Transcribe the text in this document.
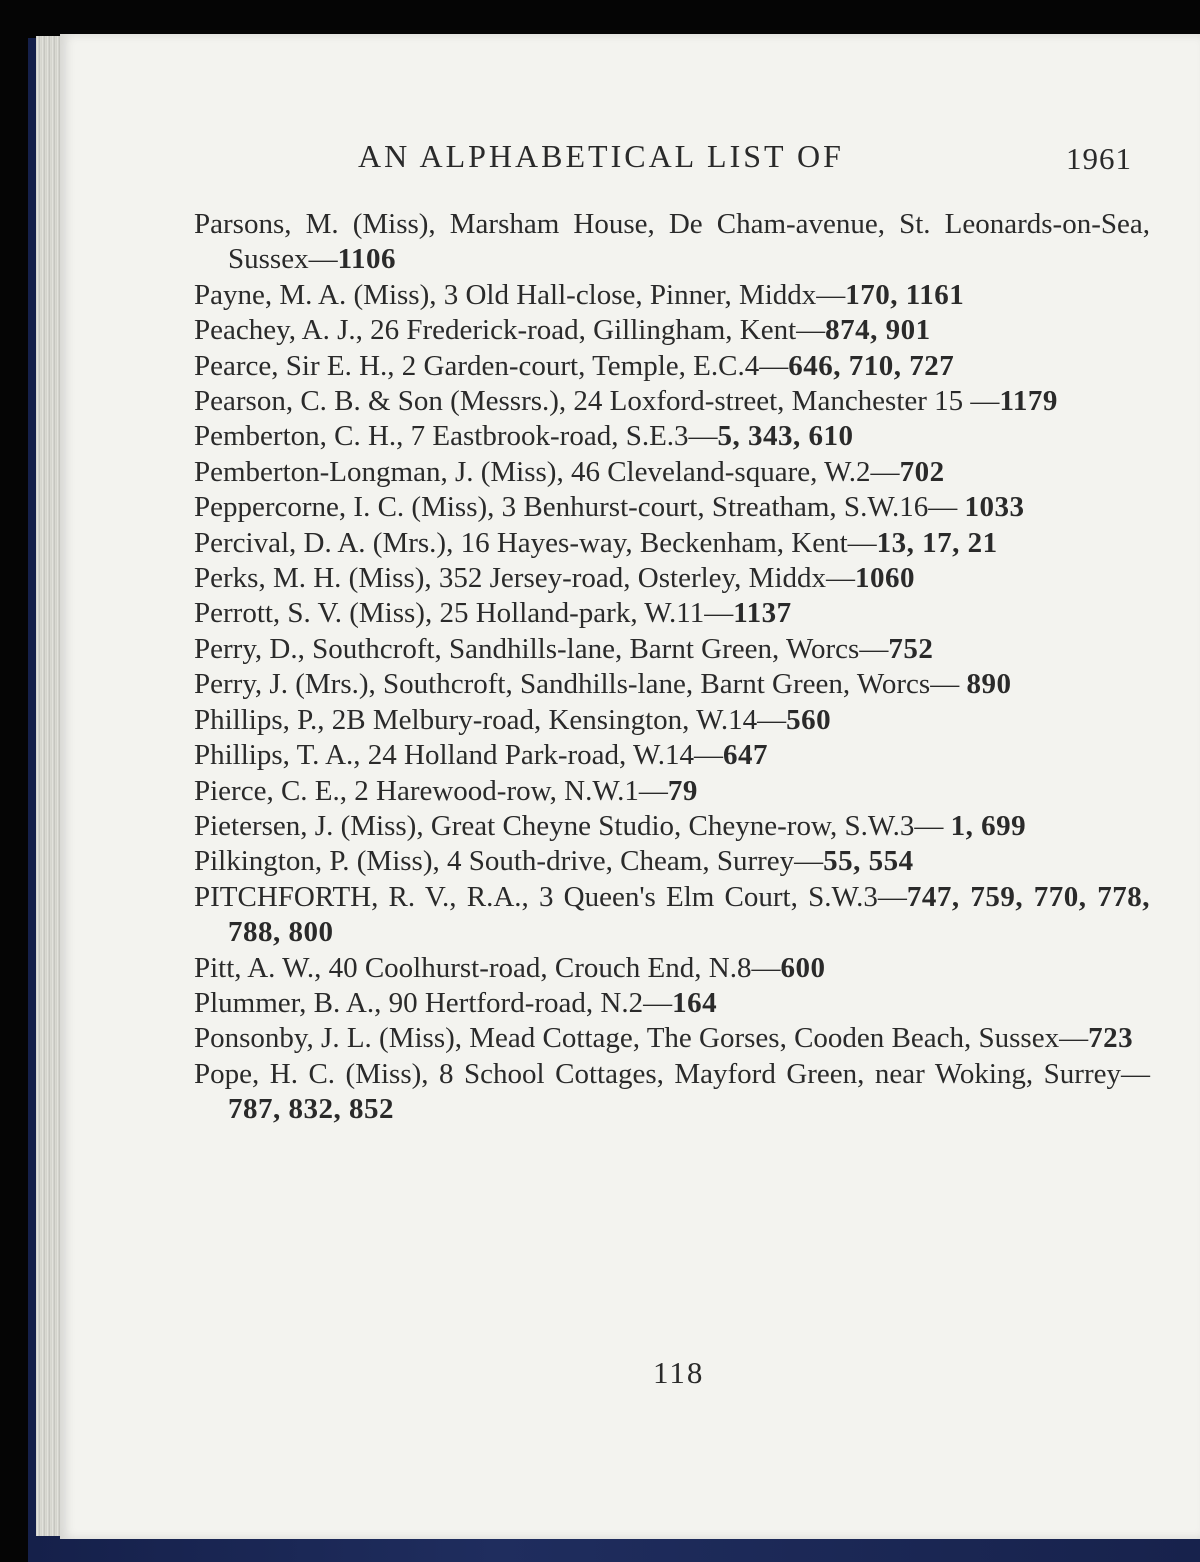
AN ALPHABETICAL LIST OF	1961
Parsons, M. (Miss), Marsham House, De Cham-avenue, St. Leonards-on-Sea, Sussex—1106
Payne, M. A. (Miss), 3 Old Hall-close, Pinner, Middx—170, 1161
Peachey, A. J., 26 Frederick-road, Gillingham, Kent—874, 901
Pearce, Sir E. H., 2 Garden-court, Temple, E.C.4—646, 710, 727
Pearson, C. B. & Son (Messrs.), 24 Loxford-street, Manchester 15 —1179
Pemberton, C. H., 7 Eastbrook-road, S.E.3—5, 343, 610
Pemberton-Longman, J. (Miss), 46 Cleveland-square, W.2—702
Peppercorne, I. C. (Miss), 3 Benhurst-court, Streatham, S.W.16— 1033
Percival, D. A. (Mrs.), 16 Hayes-way, Beckenham, Kent—13, 17, 21
Perks, M. H. (Miss), 352 Jersey-road, Osterley, Middx—1060
Perrott, S. V. (Miss), 25 Holland-park, W.11—1137
Perry, D., Southcroft, Sandhills-lane, Barnt Green, Worcs—752
Perry, J. (Mrs.), Southcroft, Sandhills-lane, Barnt Green, Worcs— 890
Phillips, P., 2B Melbury-road, Kensington, W.14—560
Phillips, T. A., 24 Holland Park-road, W.14—647
Pierce, C. E., 2 Harewood-row, N.W.1—79
Pietersen, J. (Miss), Great Cheyne Studio, Cheyne-row, S.W.3— 1, 699
Pilkington, P. (Miss), 4 South-drive, Cheam, Surrey—55, 554
PITCHFORTH, R. V., R.A., 3 Queen's Elm Court, S.W.3—747, 759, 770, 778, 788, 800
Pitt, A. W., 40 Coolhurst-road, Crouch End, N.8—600
Plummer, B. A., 90 Hertford-road, N.2—164
Ponsonby, J. L. (Miss), Mead Cottage, The Gorses, Cooden Beach, Sussex—723
Pope, H. C. (Miss), 8 School Cottages, Mayford Green, near Woking, Surrey—787, 832, 852
118
